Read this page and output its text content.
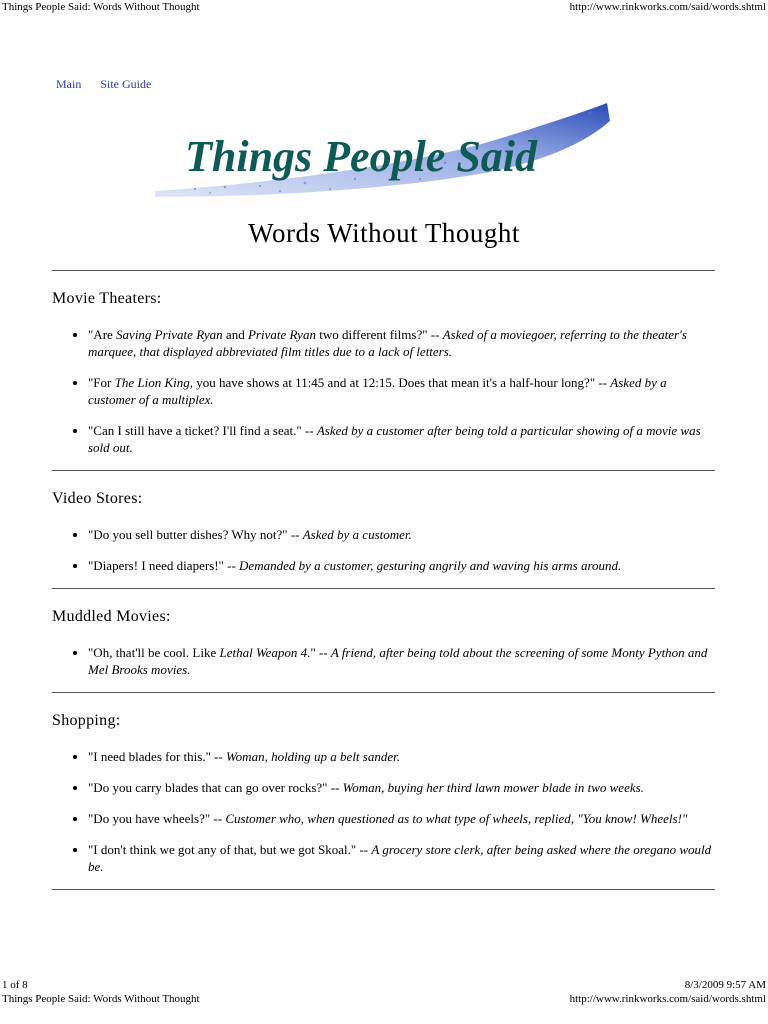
Things People Said: Words Without Thought	http://www.rinkworks.com/said/words.shtml
Main Site Guide
Things People Said
Words Without Thought
Movie Theaters:
• "Are Saving Private Ryan and Private Ryan two different films?" -- Asked of a moviegoer, referring to the theater's marquee, that displayed abbreviated film titles due to a lack of letters.
• "For The Lion King, you have shows at 11:45 and at 12:15. Does that mean it's a half-hour long?" -- Asked by a customer of a multiplex.
• "Can I still have a ticket? I'll find a seat." -- Asked by a customer after being told a particular showing of a movie was sold out.
Video Stores:
• "Do you sell butter dishes? Why not?" -- Asked by a customer.
• "Diapers! I need diapers!" -- Demanded by a customer, gesturing angrily and waving his arms around.
Muddled Movies:
• "Oh, that'll be cool. Like Lethal Weapon 4." -- A friend, after being told about the screening of some Monty Python and Mel Brooks movies.
Shopping:
• "I need blades for this." -- Woman, holding up a belt sander.
• "Do you carry blades that can go over rocks?" -- Woman, buying her third lawn mower blade in two weeks.
• "Do you have wheels?" -- Customer who, when questioned as to what type of wheels, replied, "You know! Wheels!"
• "I don't think we got any of that, but we got Skoal." -- A grocery store clerk, after being asked where the oregano would be.
1 of 8	8/3/2009 9:57 AM
Things People Said: Words Without Thought	http://www.rinkworks.com/said/words.shtml
